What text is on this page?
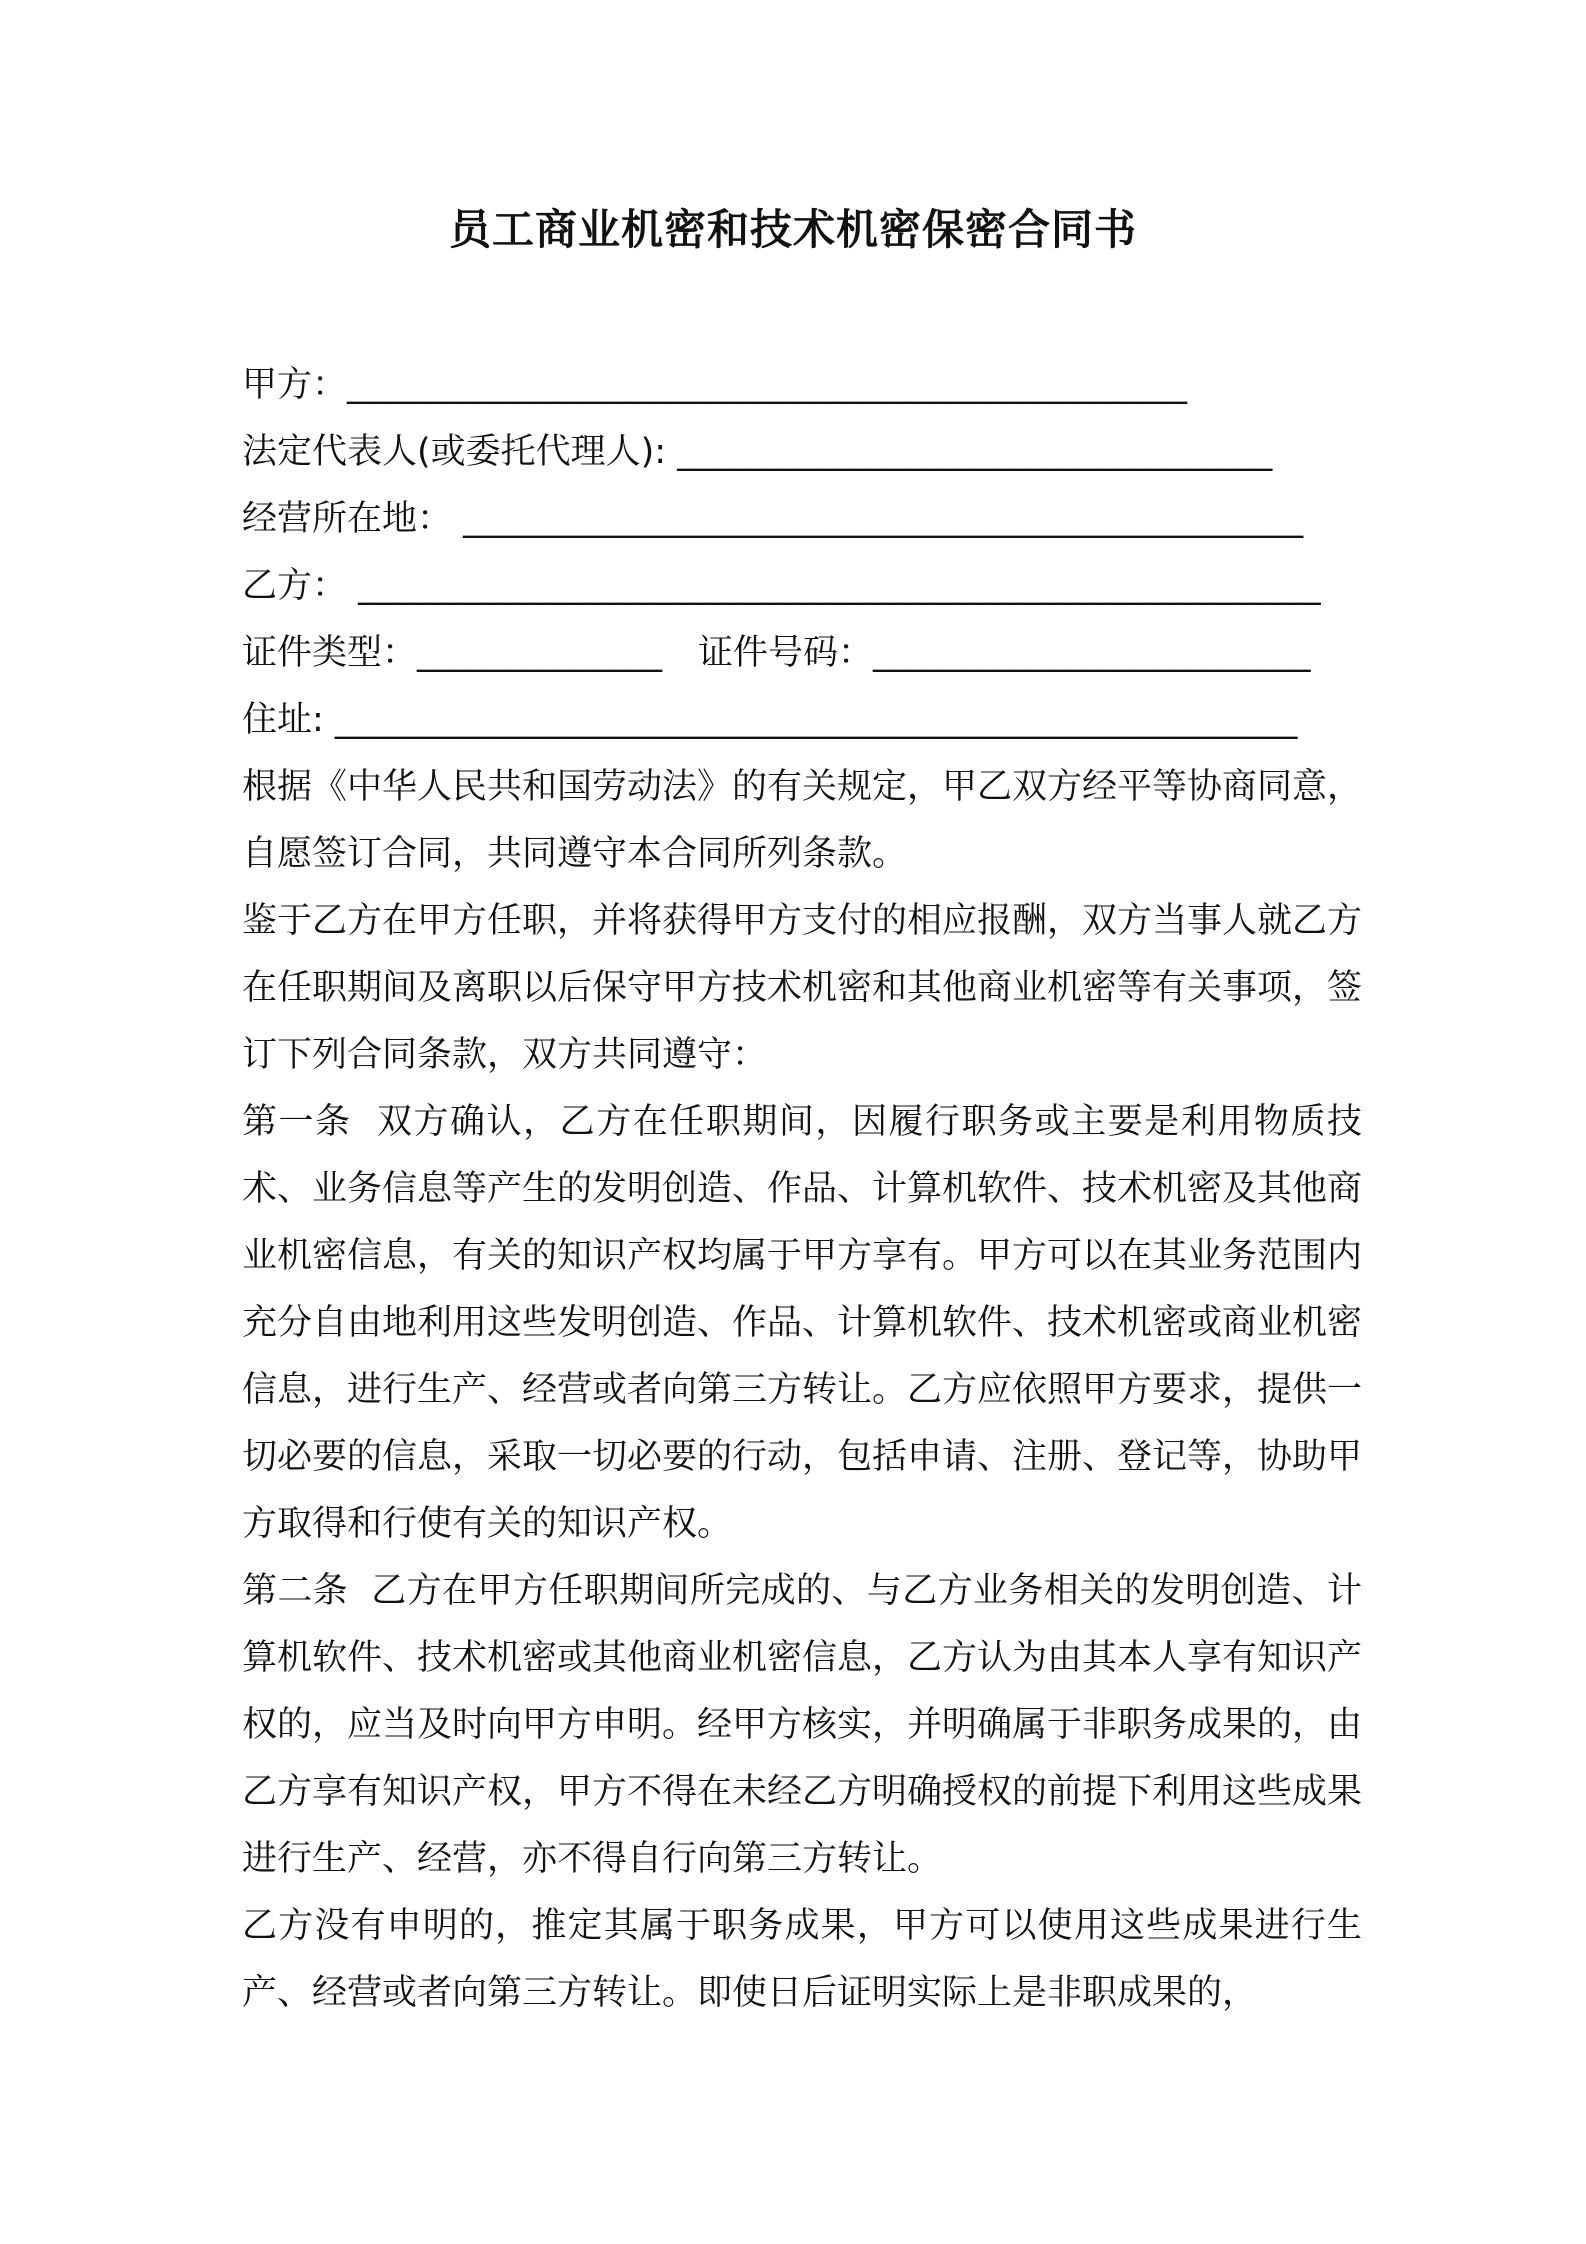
员工商业机密和技术机密保密合同书
甲方：________________________________________________
法定代表人(或委托代理人): __________________________________
经营所在地： ________________________________________________
乙方： _______________________________________________________
证件类型：______________ 证件号码：_________________________
住址: _______________________________________________________

根据《中华人民共和国劳动法》的有关规定，甲乙双方经平等协商同意，自愿签订合同，共同遵守本合同所列条款。

鉴于乙方在甲方任职，并将获得甲方支付的相应报酬，双方当事人就乙方在任职期间及离职以后保守甲方技术机密和其他商业机密等有关事项，签订下列合同条款，双方共同遵守：

第一条 双方确认，乙方在任职期间，因履行职务或主要是利用物质技术、业务信息等产生的发明创造、作品、计算机软件、技术机密及其他商业机密信息，有关的知识产权均属于甲方享有。甲方可以在其业务范围内充分自由地利用这些发明创造、作品、计算机软件、技术机密或商业机密信息，进行生产、经营或者向第三方转让。乙方应依照甲方要求，提供一切必要的信息，采取一切必要的行动，包括申请、注册、登记等，协助甲方取得和行使有关的知识产权。

第二条 乙方在甲方任职期间所完成的、与乙方业务相关的发明创造、计算机软件、技术机密或其他商业机密信息，乙方认为由其本人享有知识产权的，应当及时向甲方申明。经甲方核实，并明确属于非职务成果的，由乙方享有知识产权，甲方不得在未经乙方明确授权的前提下利用这些成果进行生产、经营，亦不得自行向第三方转让。

乙方没有申明的，推定其属于职务成果，甲方可以使用这些成果进行生产、经营或者向第三方转让。即使日后证明实际上是非职成果的，
